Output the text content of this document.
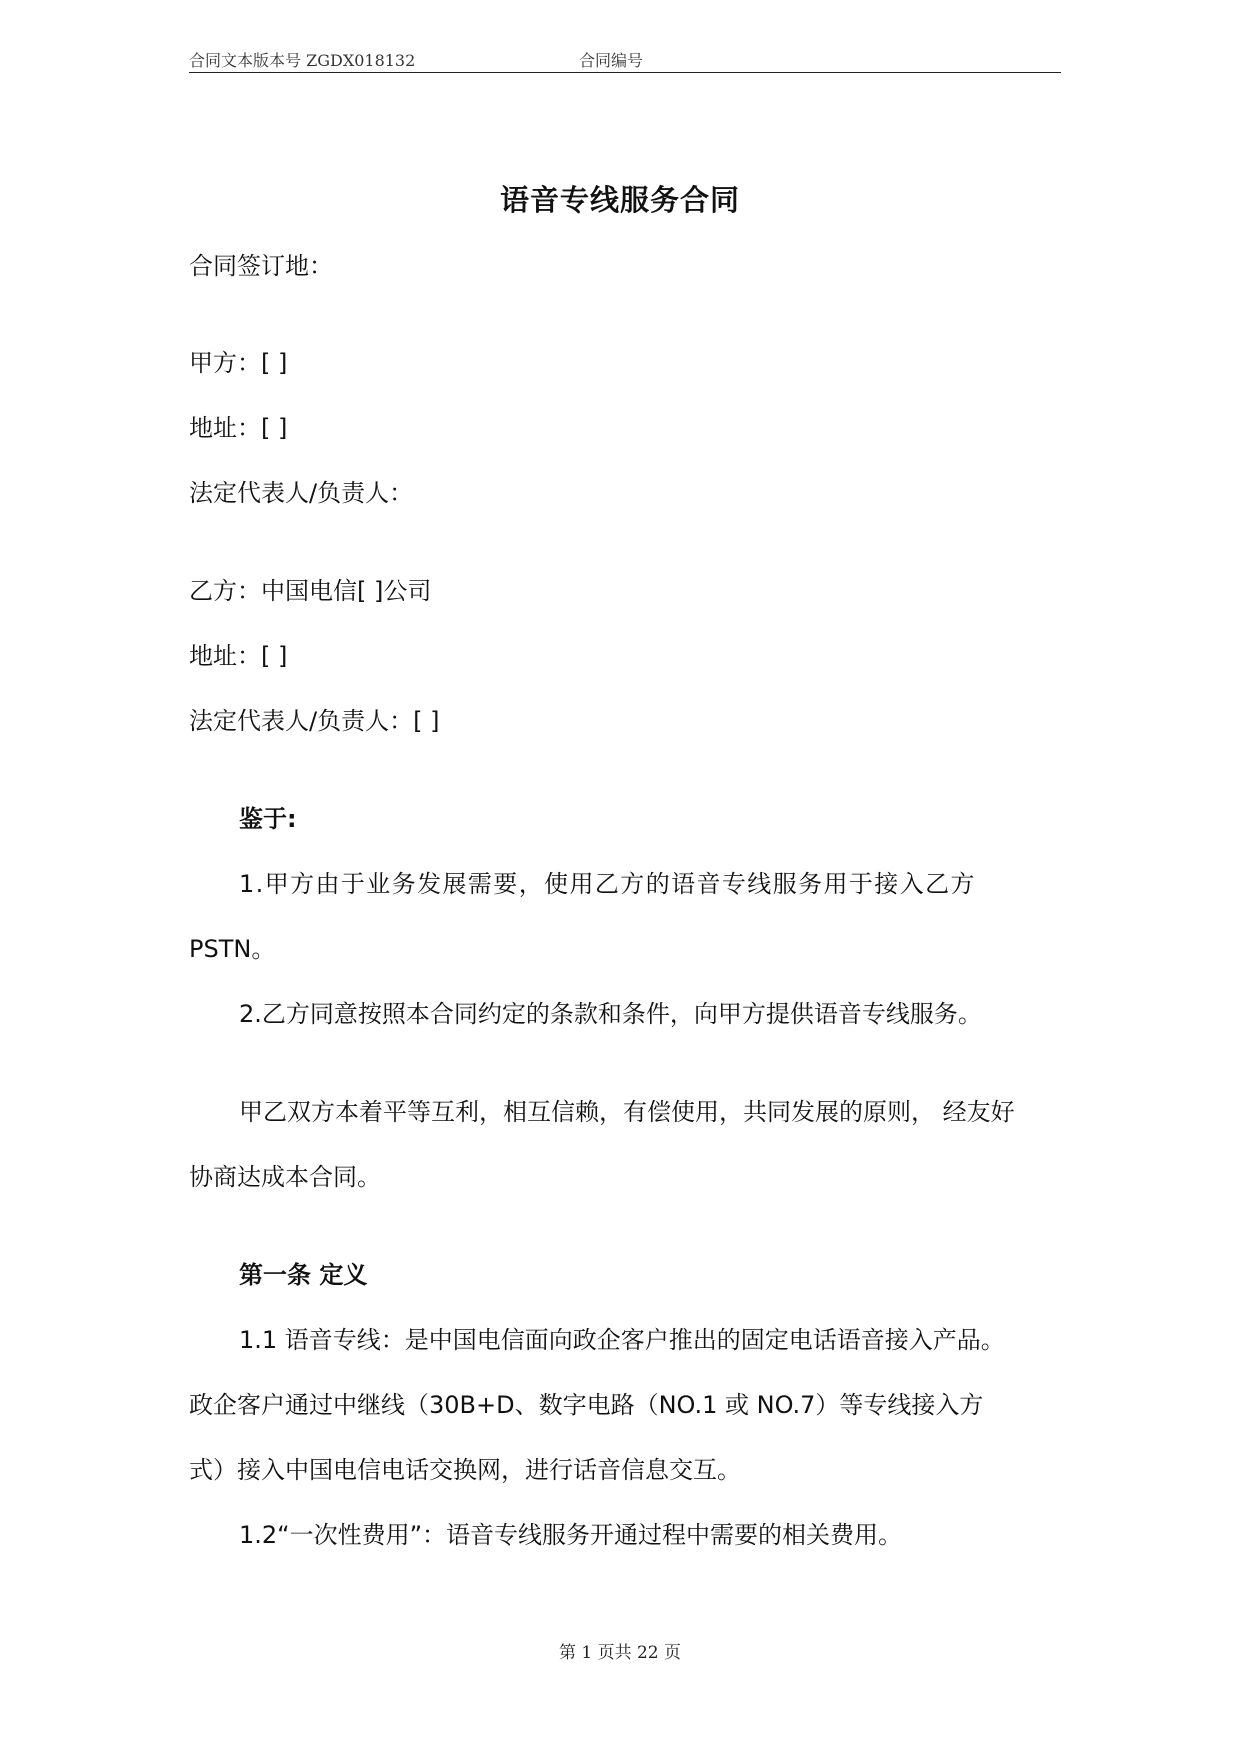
合同文本版本号 ZGDX018132	合同编号
语音专线服务合同
合同签订地：
甲方：[ ]
地址：[ ]
法定代表人/负责人：
乙方：中国电信[ ]公司
地址：[ ]
法定代表人/负责人：[ ]
鉴于:
1.甲方由于业务发展需要，使用乙方的语音专线服务用于接入乙方
PSTN。
2.乙方同意按照本合同约定的条款和条件，向甲方提供语音专线服务。
甲乙双方本着平等互利，相互信赖，有偿使用，共同发展的原则， 经友好
协商达成本合同。
第一条 定义
1.1 语音专线：是中国电信面向政企客户推出的固定电话语音接入产品。
政企客户通过中继线（30B+D、数字电路（NO.1 或 NO.7）等专线接入方
式）接入中国电信电话交换网，进行话音信息交互。
1.2“一次性费用”：语音专线服务开通过程中需要的相关费用。
第 1 页共 22 页
